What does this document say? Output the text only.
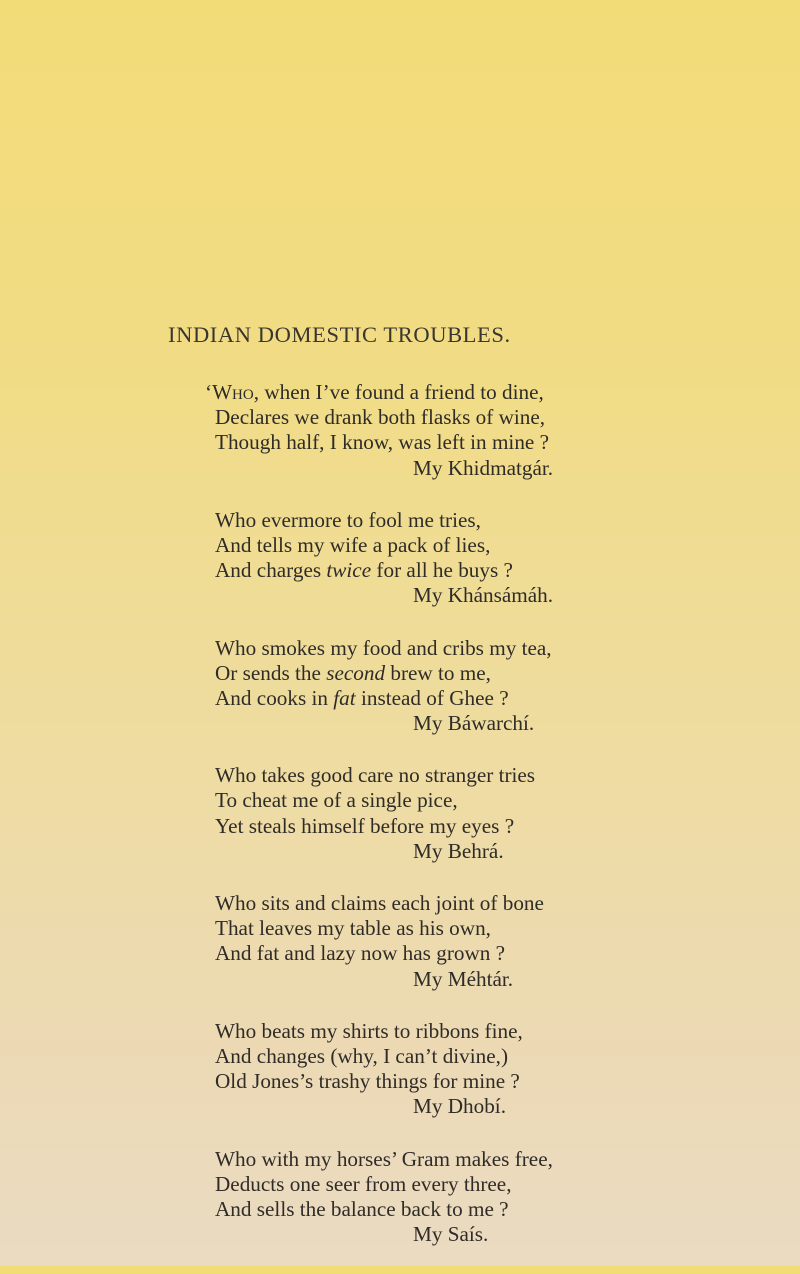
INDIAN DOMESTIC TROUBLES.
‘Who, when I’ve found a friend to dine,
Declares we drank both flasks of wine,
Though half, I know, was left in mine ?
My Khidmatgár.
Who evermore to fool me tries,
And tells my wife a pack of lies,
And charges twice for all he buys ?
My Khánsámáh.
Who smokes my food and cribs my tea,
Or sends the second brew to me,
And cooks in fat instead of Ghee ?
My Báwarchí.
Who takes good care no stranger tries
To cheat me of a single pice,
Yet steals himself before my eyes ?
My Behrá.
Who sits and claims each joint of bone
That leaves my table as his own,
And fat and lazy now has grown ?
My Méhtár.
Who beats my shirts to ribbons fine,
And changes (why, I can’t divine,)
Old Jones’s trashy things for mine ?
My Dhobí.
Who with my horses’ Gram makes free,
Deducts one seer from every three,
And sells the balance back to me ?
My Saís.
